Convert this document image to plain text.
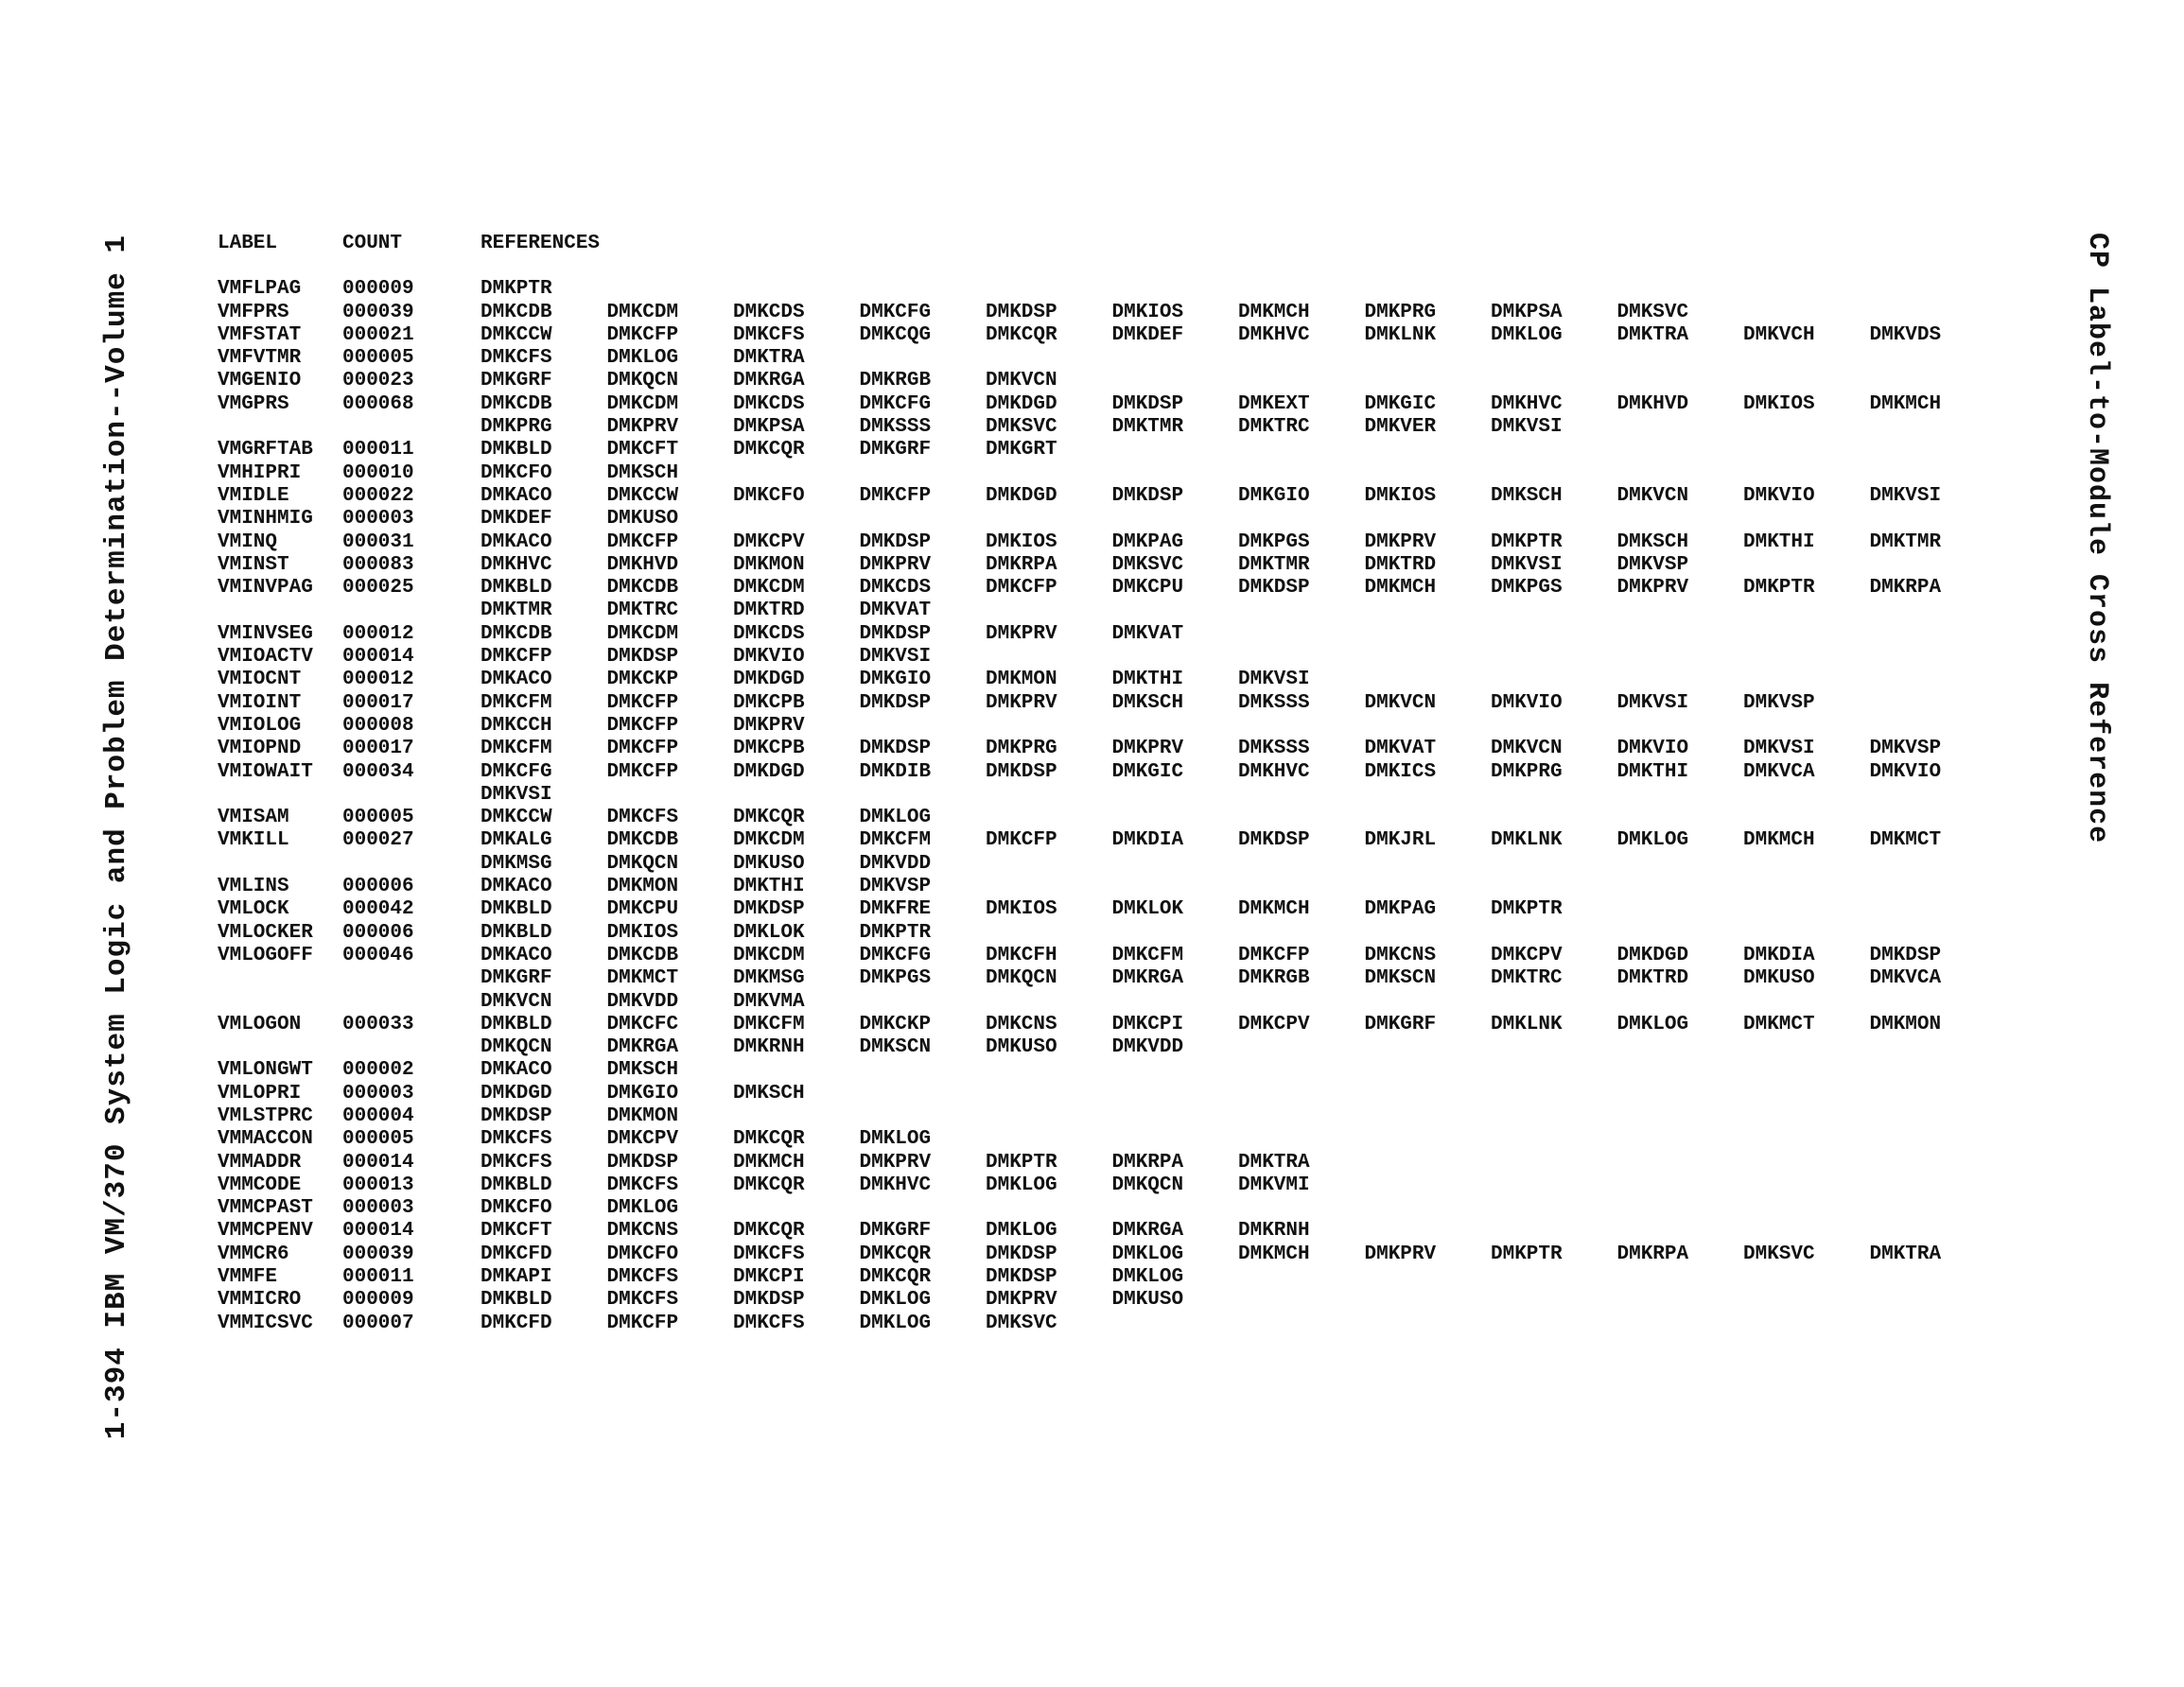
1-394 IBM VM/370 System Logic and Problem Determination--Volume 1	CP Label-to-Module Cross Reference
LABEL	COUNT	REFERENCES
VMFLPAG	000009	DMKPTR
VMFPRS	000039	DMKCDB	DMKCDM	DMKCDS	DMKCFG	DMKDSP	DMKIOS	DMKMCH	DMKPRG	DMKPSA	DMKSVC
VMFSTAT	000021	DMKCCW	DMKCFP	DMKCFS	DMKCQG	DMKCQR	DMKDEF	DMKHVC	DMKLNK	DMKLOG	DMKTRA	DMKVCH	DMKVDS
VMFVTMR	000005	DMKCFS	DMKLOG	DMKTRA
VMGENIO	000023	DMKGRF	DMKQCN	DMKRGA	DMKRGB	DMKVCN
VMGPRS	000068	DMKCDB	DMKCDM	DMKCDS	DMKCFG	DMKDGD	DMKDSP	DMKEXT	DMKGIC	DMKHVC	DMKHVD	DMKIOS	DMKMCH
DMKPRG	DMKPRV	DMKPSA	DMKSSS	DMKSVC	DMKTMR	DMKTRC	DMKVER	DMKVSI
VMGRFTAB	000011	DMKBLD	DMKCFT	DMKCQR	DMKGRF	DMKGRT
VMHIPRI	000010	DMKCFO	DMKSCH
VMIDLE	000022	DMKACO	DMKCCW	DMKCFO	DMKCFP	DMKDGD	DMKDSP	DMKGIO	DMKIOS	DMKSCH	DMKVCN	DMKVIO	DMKVSI
VMINHMIG	000003	DMKDEF	DMKUSO
VMINQ	000031	DMKACO	DMKCFP	DMKCPV	DMKDSP	DMKIOS	DMKPAG	DMKPGS	DMKPRV	DMKPTR	DMKSCH	DMKTHI	DMKTMR
VMINST	000083	DMKHVC	DMKHVD	DMKMON	DMKPRV	DMKRPA	DMKSVC	DMKTMR	DMKTRD	DMKVSI	DMKVSP
VMINVPAG	000025	DMKBLD	DMKCDB	DMKCDM	DMKCDS	DMKCFP	DMKCPU	DMKDSP	DMKMCH	DMKPGS	DMKPRV	DMKPTR	DMKRPA
DMKTMR	DMKTRC	DMKTRD	DMKVAT
VMINVSEG	000012	DMKCDB	DMKCDM	DMKCDS	DMKDSP	DMKPRV	DMKVAT
VMIOACTV	000014	DMKCFP	DMKDSP	DMKVIO	DMKVSI
VMIOCNT	000012	DMKACO	DMKCKP	DMKDGD	DMKGIO	DMKMON	DMKTHI	DMKVSI
VMIOINT	000017	DMKCFM	DMKCFP	DMKCPB	DMKDSP	DMKPRV	DMKSCH	DMKSSS	DMKVCN	DMKVIO	DMKVSI	DMKVSP
VMIOLOG	000008	DMKCCH	DMKCFP	DMKPRV
VMIOPND	000017	DMKCFM	DMKCFP	DMKCPB	DMKDSP	DMKPRG	DMKPRV	DMKSSS	DMKVAT	DMKVCN	DMKVIO	DMKVSI	DMKVSP
VMIOWAIT	000034	DMKCFG	DMKCFP	DMKDGD	DMKDIB	DMKDSP	DMKGIC	DMKHVC	DMKICS	DMKPRG	DMKTHI	DMKVCA	DMKVIO
DMKVSI
VMISAM	000005	DMKCCW	DMKCFS	DMKCQR	DMKLOG
VMKILL	000027	DMKALG	DMKCDB	DMKCDM	DMKCFM	DMKCFP	DMKDIA	DMKDSP	DMKJRL	DMKLNK	DMKLOG	DMKMCH	DMKMCT
DMKMSG	DMKQCN	DMKUSO	DMKVDD
VMLINS	000006	DMKACO	DMKMON	DMKTHI	DMKVSP
VMLOCK	000042	DMKBLD	DMKCPU	DMKDSP	DMKFRE	DMKIOS	DMKLOK	DMKMCH	DMKPAG	DMKPTR
VMLOCKER	000006	DMKBLD	DMKIOS	DMKLOK	DMKPTR
VMLOGOFF	000046	DMKACO	DMKCDB	DMKCDM	DMKCFG	DMKCFH	DMKCFM	DMKCFP	DMKCNS	DMKCPV	DMKDGD	DMKDIA	DMKDSP
DMKGRF	DMKMCT	DMKMSG	DMKPGS	DMKQCN	DMKRGA	DMKRGB	DMKSCN	DMKTRC	DMKTRD	DMKUSO	DMKVCA
DMKVCN	DMKVDD	DMKVMA
VMLOGON	000033	DMKBLD	DMKCFC	DMKCFM	DMKCKP	DMKCNS	DMKCPI	DMKCPV	DMKGRF	DMKLNK	DMKLOG	DMKMCT	DMKMON
DMKQCN	DMKRGA	DMKRNH	DMKSCN	DMKUSO	DMKVDD
VMLONGWT	000002	DMKACO	DMKSCH
VMLOPRI	000003	DMKDGD	DMKGIO	DMKSCH
VMLSTPRC	000004	DMKDSP	DMKMON
VMMACCON	000005	DMKCFS	DMKCPV	DMKCQR	DMKLOG
VMMADDR	000014	DMKCFS	DMKDSP	DMKMCH	DMKPRV	DMKPTR	DMKRPA	DMKTRA
VMMCODE	000013	DMKBLD	DMKCFS	DMKCQR	DMKHVC	DMKLOG	DMKQCN	DMKVMI
VMMCPAST	000003	DMKCFO	DMKLOG
VMMCPENV	000014	DMKCFT	DMKCNS	DMKCQR	DMKGRF	DMKLOG	DMKRGA	DMKRNH
VMMCR6	000039	DMKCFD	DMKCFO	DMKCFS	DMKCQR	DMKDSP	DMKLOG	DMKMCH	DMKPRV	DMKPTR	DMKRPA	DMKSVC	DMKTRA
VMMFE	000011	DMKAPI	DMKCFS	DMKCPI	DMKCQR	DMKDSP	DMKLOG
VMMICRO	000009	DMKBLD	DMKCFS	DMKDSP	DMKLOG	DMKPRV	DMKUSO
VMMICSVC	000007	DMKCFD	DMKCFP	DMKCFS	DMKLOG	DMKSVC
